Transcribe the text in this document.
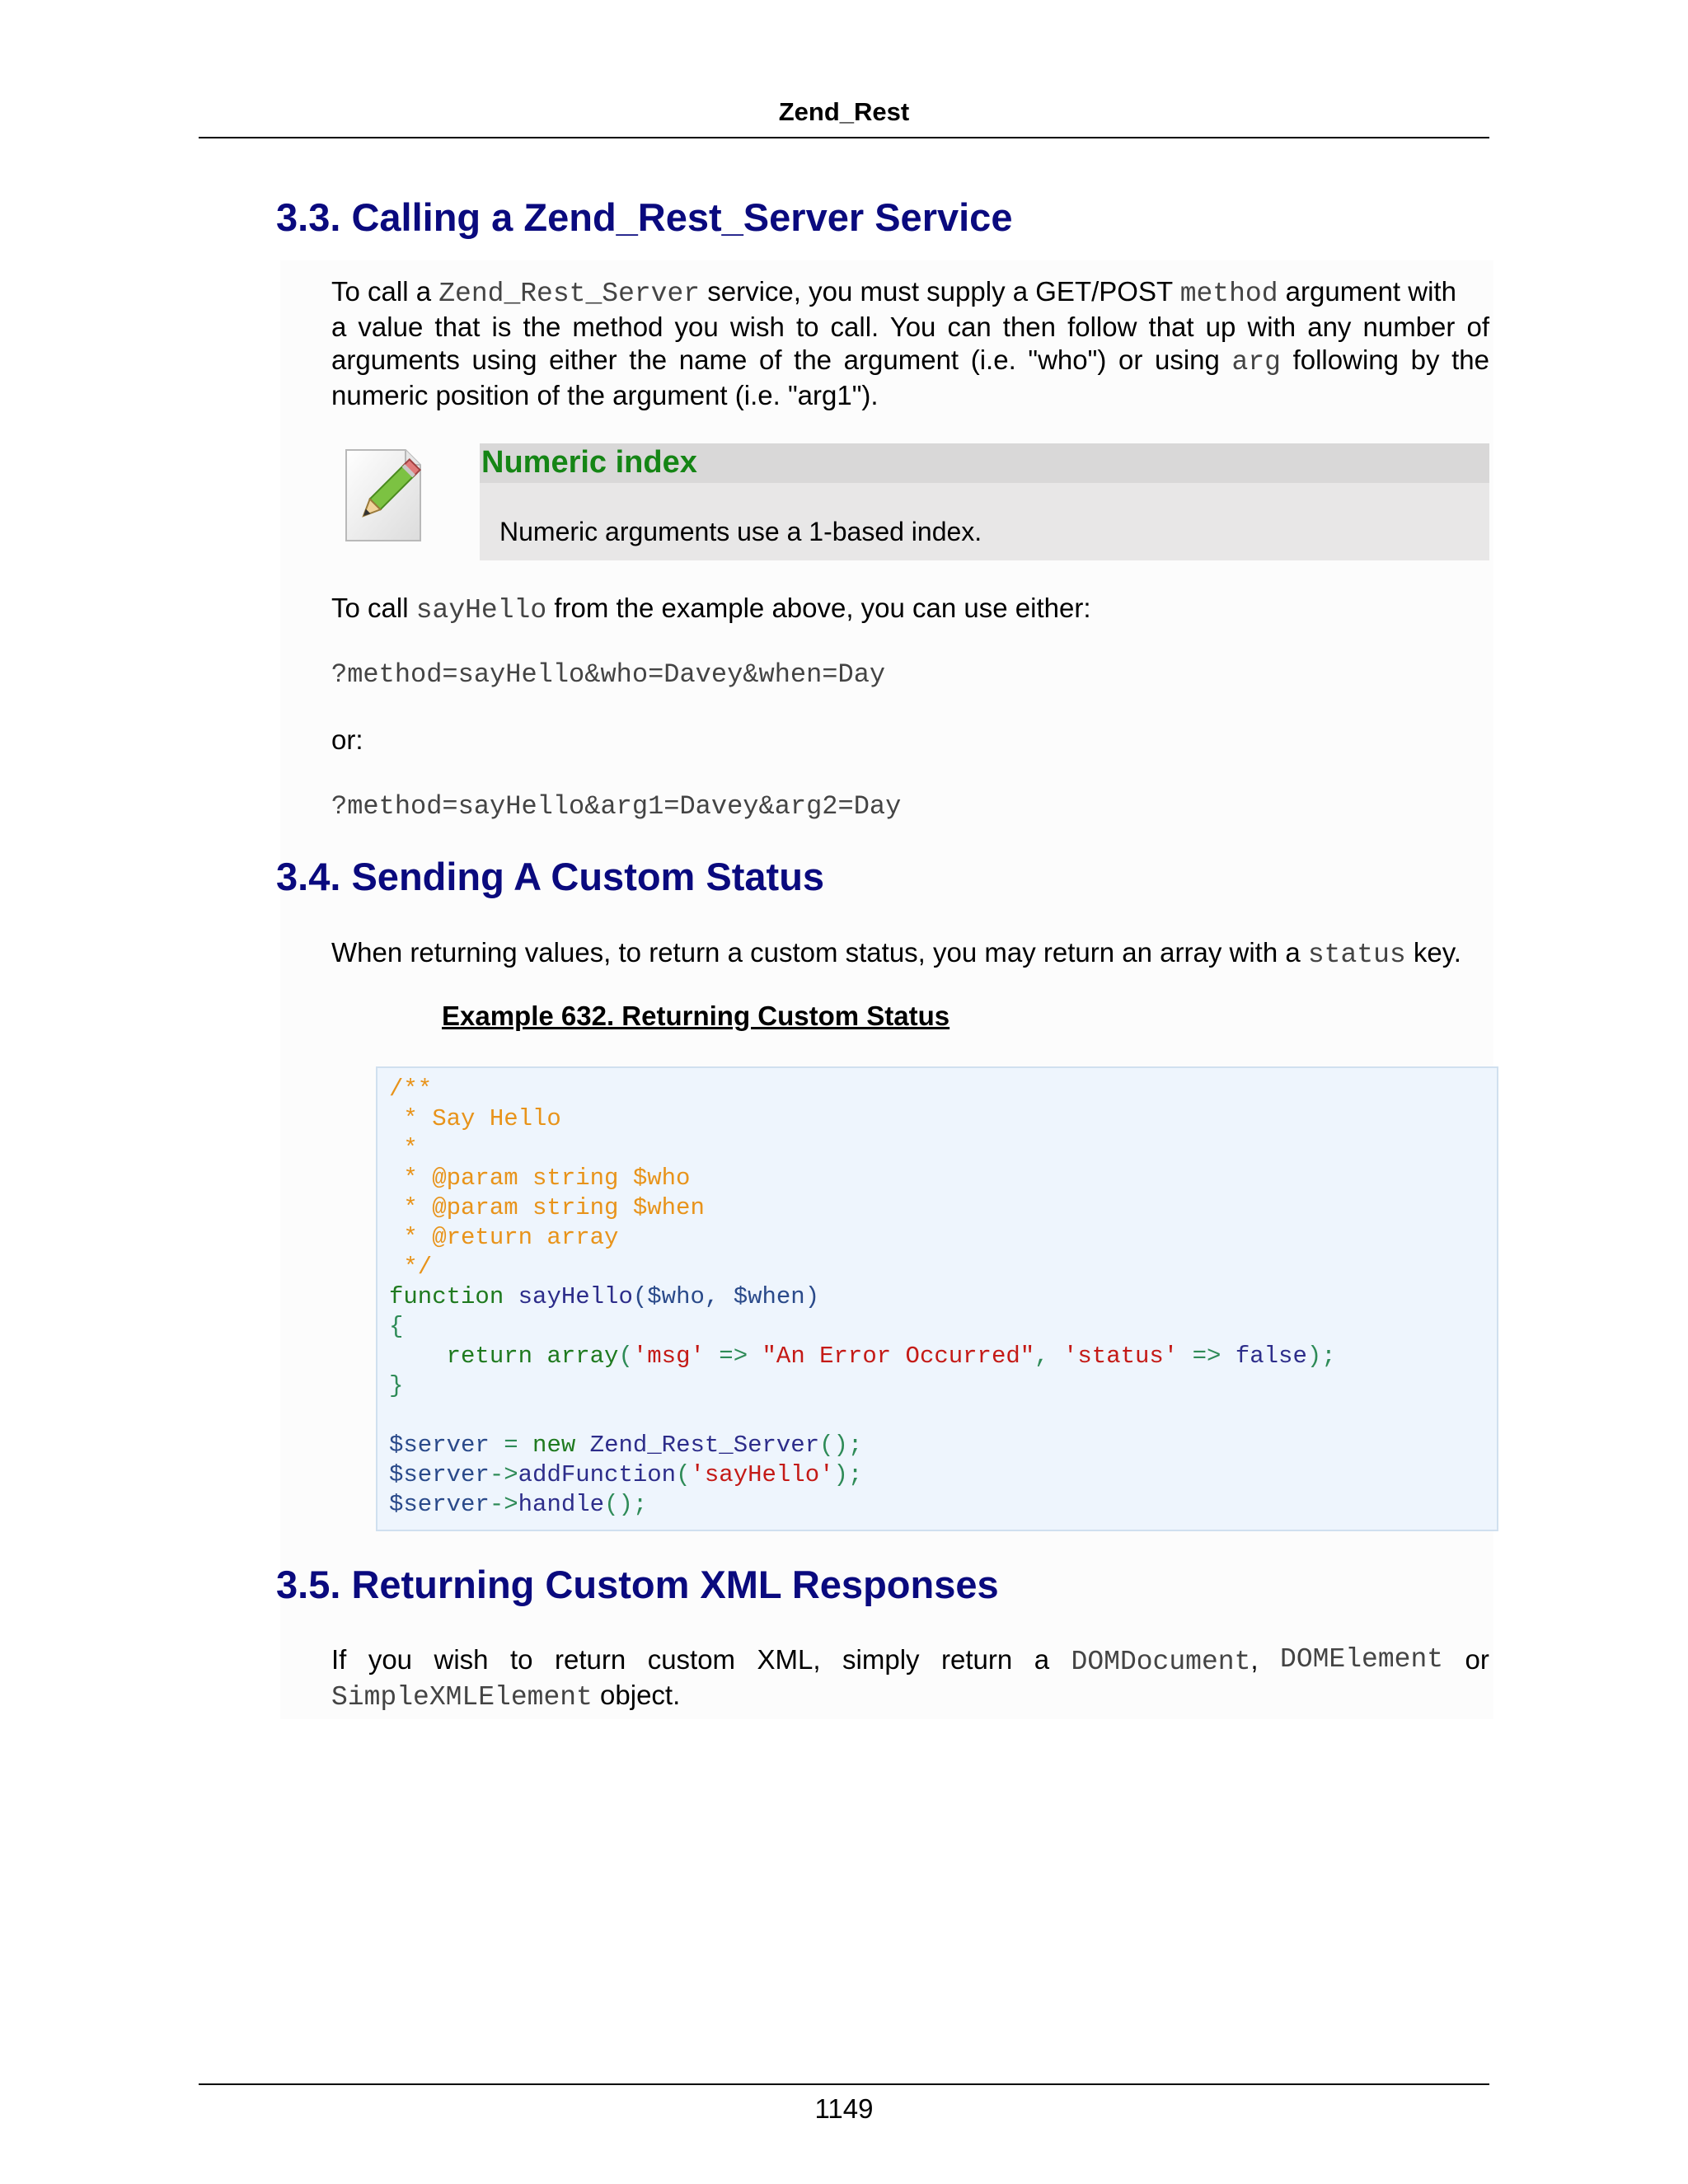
Zend_Rest
3.3. Calling a Zend_Rest_Server Service
To call a Zend_Rest_Server service, you must supply a GET/POST method argument with
a value that is the method you wish to call. You can then follow that up with any number of
arguments using either the name of the argument (i.e. "who") or using arg following by the
numeric position of the argument (i.e. "arg1").
Numeric index
Numeric arguments use a 1-based index.
To call sayHello from the example above, you can use either:
?method=sayHello&who=Davey&when=Day
or:
?method=sayHello&arg1=Davey&arg2=Day
3.4. Sending A Custom Status
When returning values, to return a custom status, you may return an array with a status key.
Example 632. Returning Custom Status
/**
* Say Hello
*
* @param string $who
* @param string $when
* @return array
*/
function sayHello($who, $when)
{
return array('msg' => "An Error Occurred", 'status' => false);
}

$server = new Zend_Rest_Server();
$server->addFunction('sayHello');
$server->handle();
3.5. Returning Custom XML Responses
If you wish to return custom XML, simply return a DOMDocument, DOMElement or
SimpleXMLElement object.
1149
